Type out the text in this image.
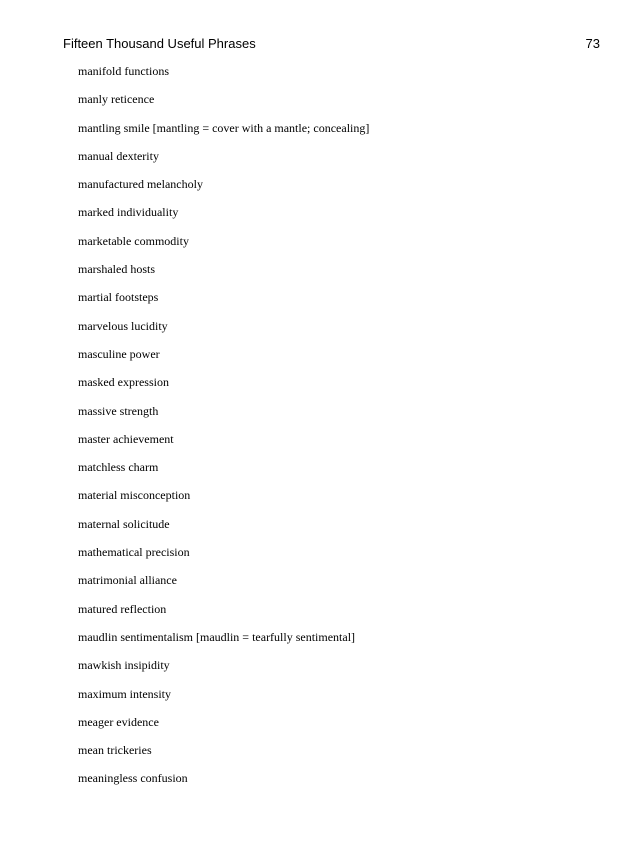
Fifteen Thousand Useful Phrases	73
manifold functions
manly reticence
mantling smile [mantling = cover with a mantle; concealing]
manual dexterity
manufactured melancholy
marked individuality
marketable commodity
marshaled hosts
martial footsteps
marvelous lucidity
masculine power
masked expression
massive strength
master achievement
matchless charm
material misconception
maternal solicitude
mathematical precision
matrimonial alliance
matured reflection
maudlin sentimentalism [maudlin = tearfully sentimental]
mawkish insipidity
maximum intensity
meager evidence
mean trickeries
meaningless confusion
